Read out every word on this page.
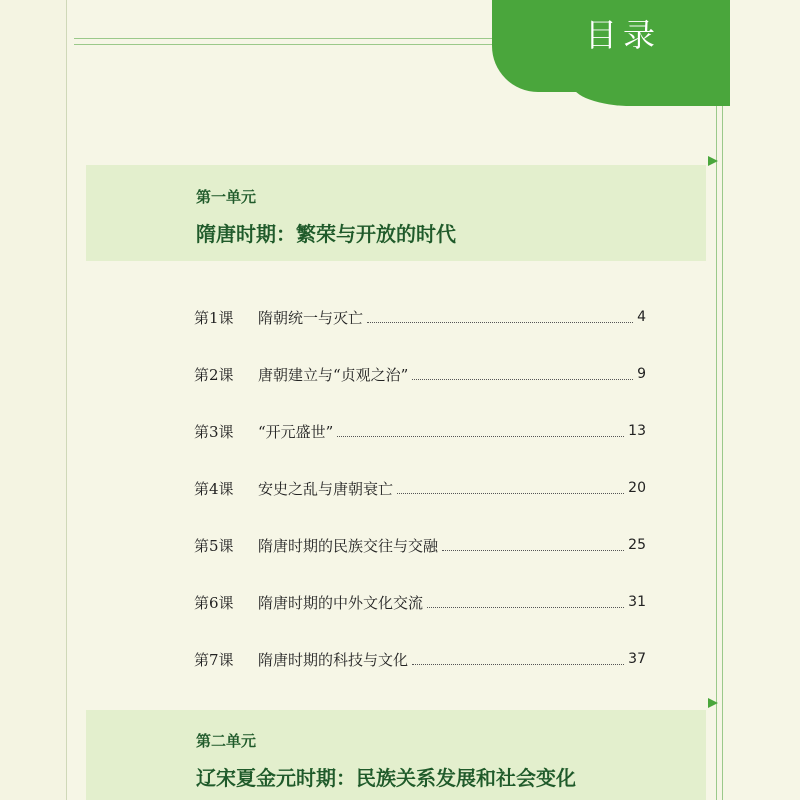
目录
第一单元
隋唐时期：繁荣与开放的时代
第1课	隋朝统一与灭亡	4
第2课	唐朝建立与“贞观之治”	9
第3课	“开元盛世”	13
第4课	安史之乱与唐朝衰亡	20
第5课	隋唐时期的民族交往与交融	25
第6课	隋唐时期的中外文化交流	31
第7课	隋唐时期的科技与文化	37
第二单元
辽宋夏金元时期：民族关系发展和社会变化
